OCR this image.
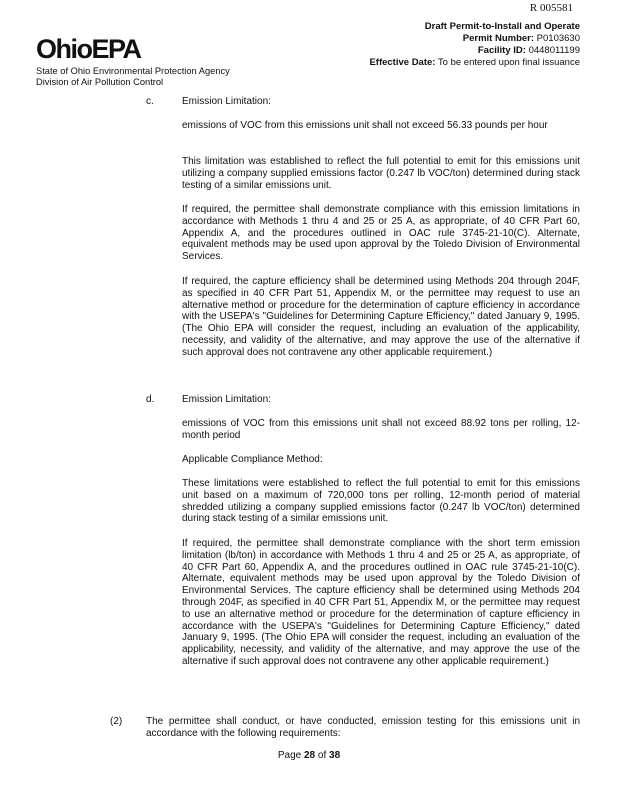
R 005581
OhioEPA
State of Ohio Environmental Protection Agency
Division of Air Pollution Control
Draft Permit-to-Install and Operate
Permit Number: P0103630
Facility ID: 0448011199
Effective Date: To be entered upon final issuance
c.	Emission Limitation:
emissions of VOC from this emissions unit shall not exceed 56.33 pounds per hour
This limitation was established to reflect the full potential to emit for this emissions unit utilizing a company supplied emissions factor (0.247 lb VOC/ton) determined during stack testing of a similar emissions unit.
If required, the permittee shall demonstrate compliance with this emission limitations in accordance with Methods 1 thru 4 and 25 or 25 A, as appropriate, of 40 CFR Part 60, Appendix A, and the procedures outlined in OAC rule 3745-21-10(C). Alternate, equivalent methods may be used upon approval by the Toledo Division of Environmental Services.
If required, the capture efficiency shall be determined using Methods 204 through 204F, as specified in 40 CFR Part 51, Appendix M, or the permittee may request to use an alternative method or procedure for the determination of capture efficiency in accordance with the USEPA's "Guidelines for Determining Capture Efficiency," dated January 9, 1995. (The Ohio EPA will consider the request, including an evaluation of the applicability, necessity, and validity of the alternative, and may approve the use of the alternative if such approval does not contravene any other applicable requirement.)
d.	Emission Limitation:
emissions of VOC from this emissions unit shall not exceed 88.92 tons per rolling, 12-month period
Applicable Compliance Method:
These limitations were established to reflect the full potential to emit for this emissions unit based on a maximum of 720,000 tons per rolling, 12-month period of material shredded utilizing a company supplied emissions factor (0.247 lb VOC/ton) determined during stack testing of a similar emissions unit.
If required, the permittee shall demonstrate compliance with the short term emission limitation (lb/ton) in accordance with Methods 1 thru 4 and 25 or 25 A, as appropriate, of 40 CFR Part 60, Appendix A, and the procedures outlined in OAC rule 3745-21-10(C). Alternate, equivalent methods may be used upon approval by the Toledo Division of Environmental Services. The capture efficiency shall be determined using Methods 204 through 204F, as specified in 40 CFR Part 51, Appendix M, or the permittee may request to use an alternative method or procedure for the determination of capture efficiency in accordance with the USEPA's "Guidelines for Determining Capture Efficiency," dated January 9, 1995. (The Ohio EPA will consider the request, including an evaluation of the applicability, necessity, and validity of the alternative, and may approve the use of the alternative if such approval does not contravene any other applicable requirement.)
(2) The permittee shall conduct, or have conducted, emission testing for this emissions unit in accordance with the following requirements:
Page 28 of 38
